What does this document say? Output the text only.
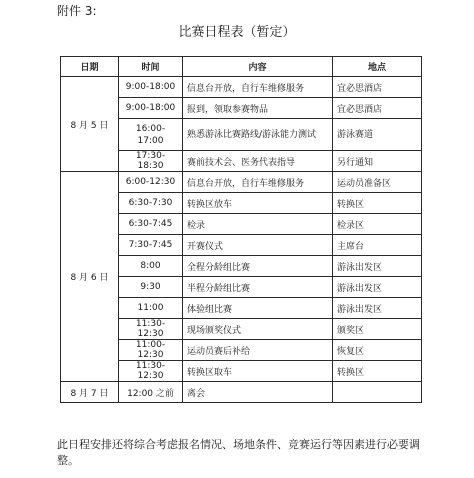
附件 3:
比赛日程表（暂定）
日期	时间	内容	地点
8 月 5 日	9:00-18:00	信息台开放，自行车维修服务	宜必思酒店
	9:00-18:00	报到，领取参赛物品	宜必思酒店
	16:00-17:00	熟悉游泳比赛路线/游泳能力测试	游泳赛道
	17:30-18:30	赛前技术会、医务代表指导	另行通知
8 月 6 日	6:00-12:30	信息台开放，自行车维修服务	运动员准备区
	6:30-7:30	转换区放车	转换区
	6:30-7:45	检录	检录区
	7:30-7:45	开赛仪式	主席台
	8:00	全程分龄组比赛	游泳出发区
	9:30	半程分龄组比赛	游泳出发区
	11:00	体验组比赛	游泳出发区
	11:30-12:30	现场颁奖仪式	颁奖区
	11:00-12:30	运动员赛后补给	恢复区
	11:30-12:30	转换区取车	转换区
8 月 7 日	12:00 之前	离会	
此日程安排还将综合考虑报名情况、场地条件、竞赛运行等因素进行必要调整。
